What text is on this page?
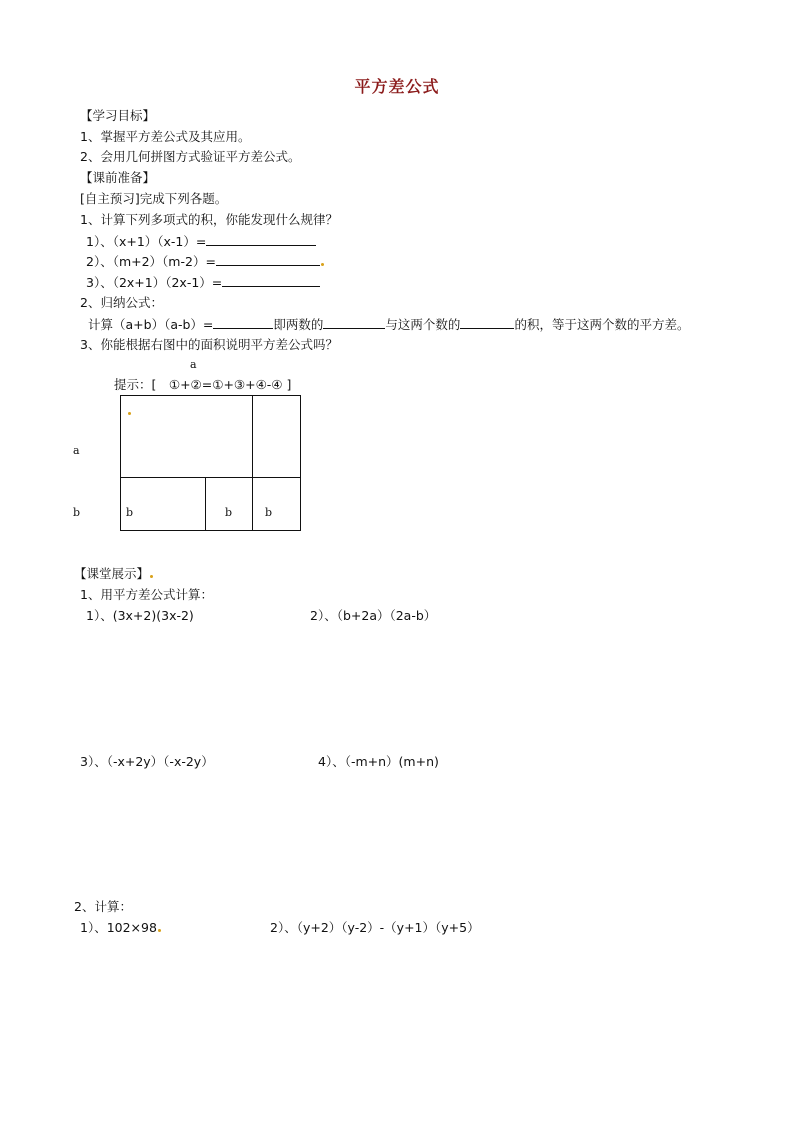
平方差公式
【学习目标】
1、掌握平方差公式及其应用。
2、会用几何拼图方式验证平方差公式。
【课前准备】
[自主预习]完成下列各题。
1、计算下列多项式的积，你能发现什么规律？
1）、（x+1）（x-1）=
2）、（m+2）（m-2）=
3）、（2x+1）（2x-1）=
2、归纳公式：
计算（a+b）（a-b）=	即两数的	与这两个数的	的积，等于这两个数的平方差。
3、你能根据右图中的面积说明平方差公式吗？
a
提示：[　①+②=①+③+④-④ ]
a
b	b	b	b
【课堂展示】
1、用平方差公式计算：
1）、(3x+2)(3x-2)	2）、（b+2a）（2a-b）
3）、（-x+2y）（-x-2y）	4）、（-m+n）(m+n)
2、计算：
1）、102×98	2）、（y+2）（y-2）-（y+1）（y+5）
